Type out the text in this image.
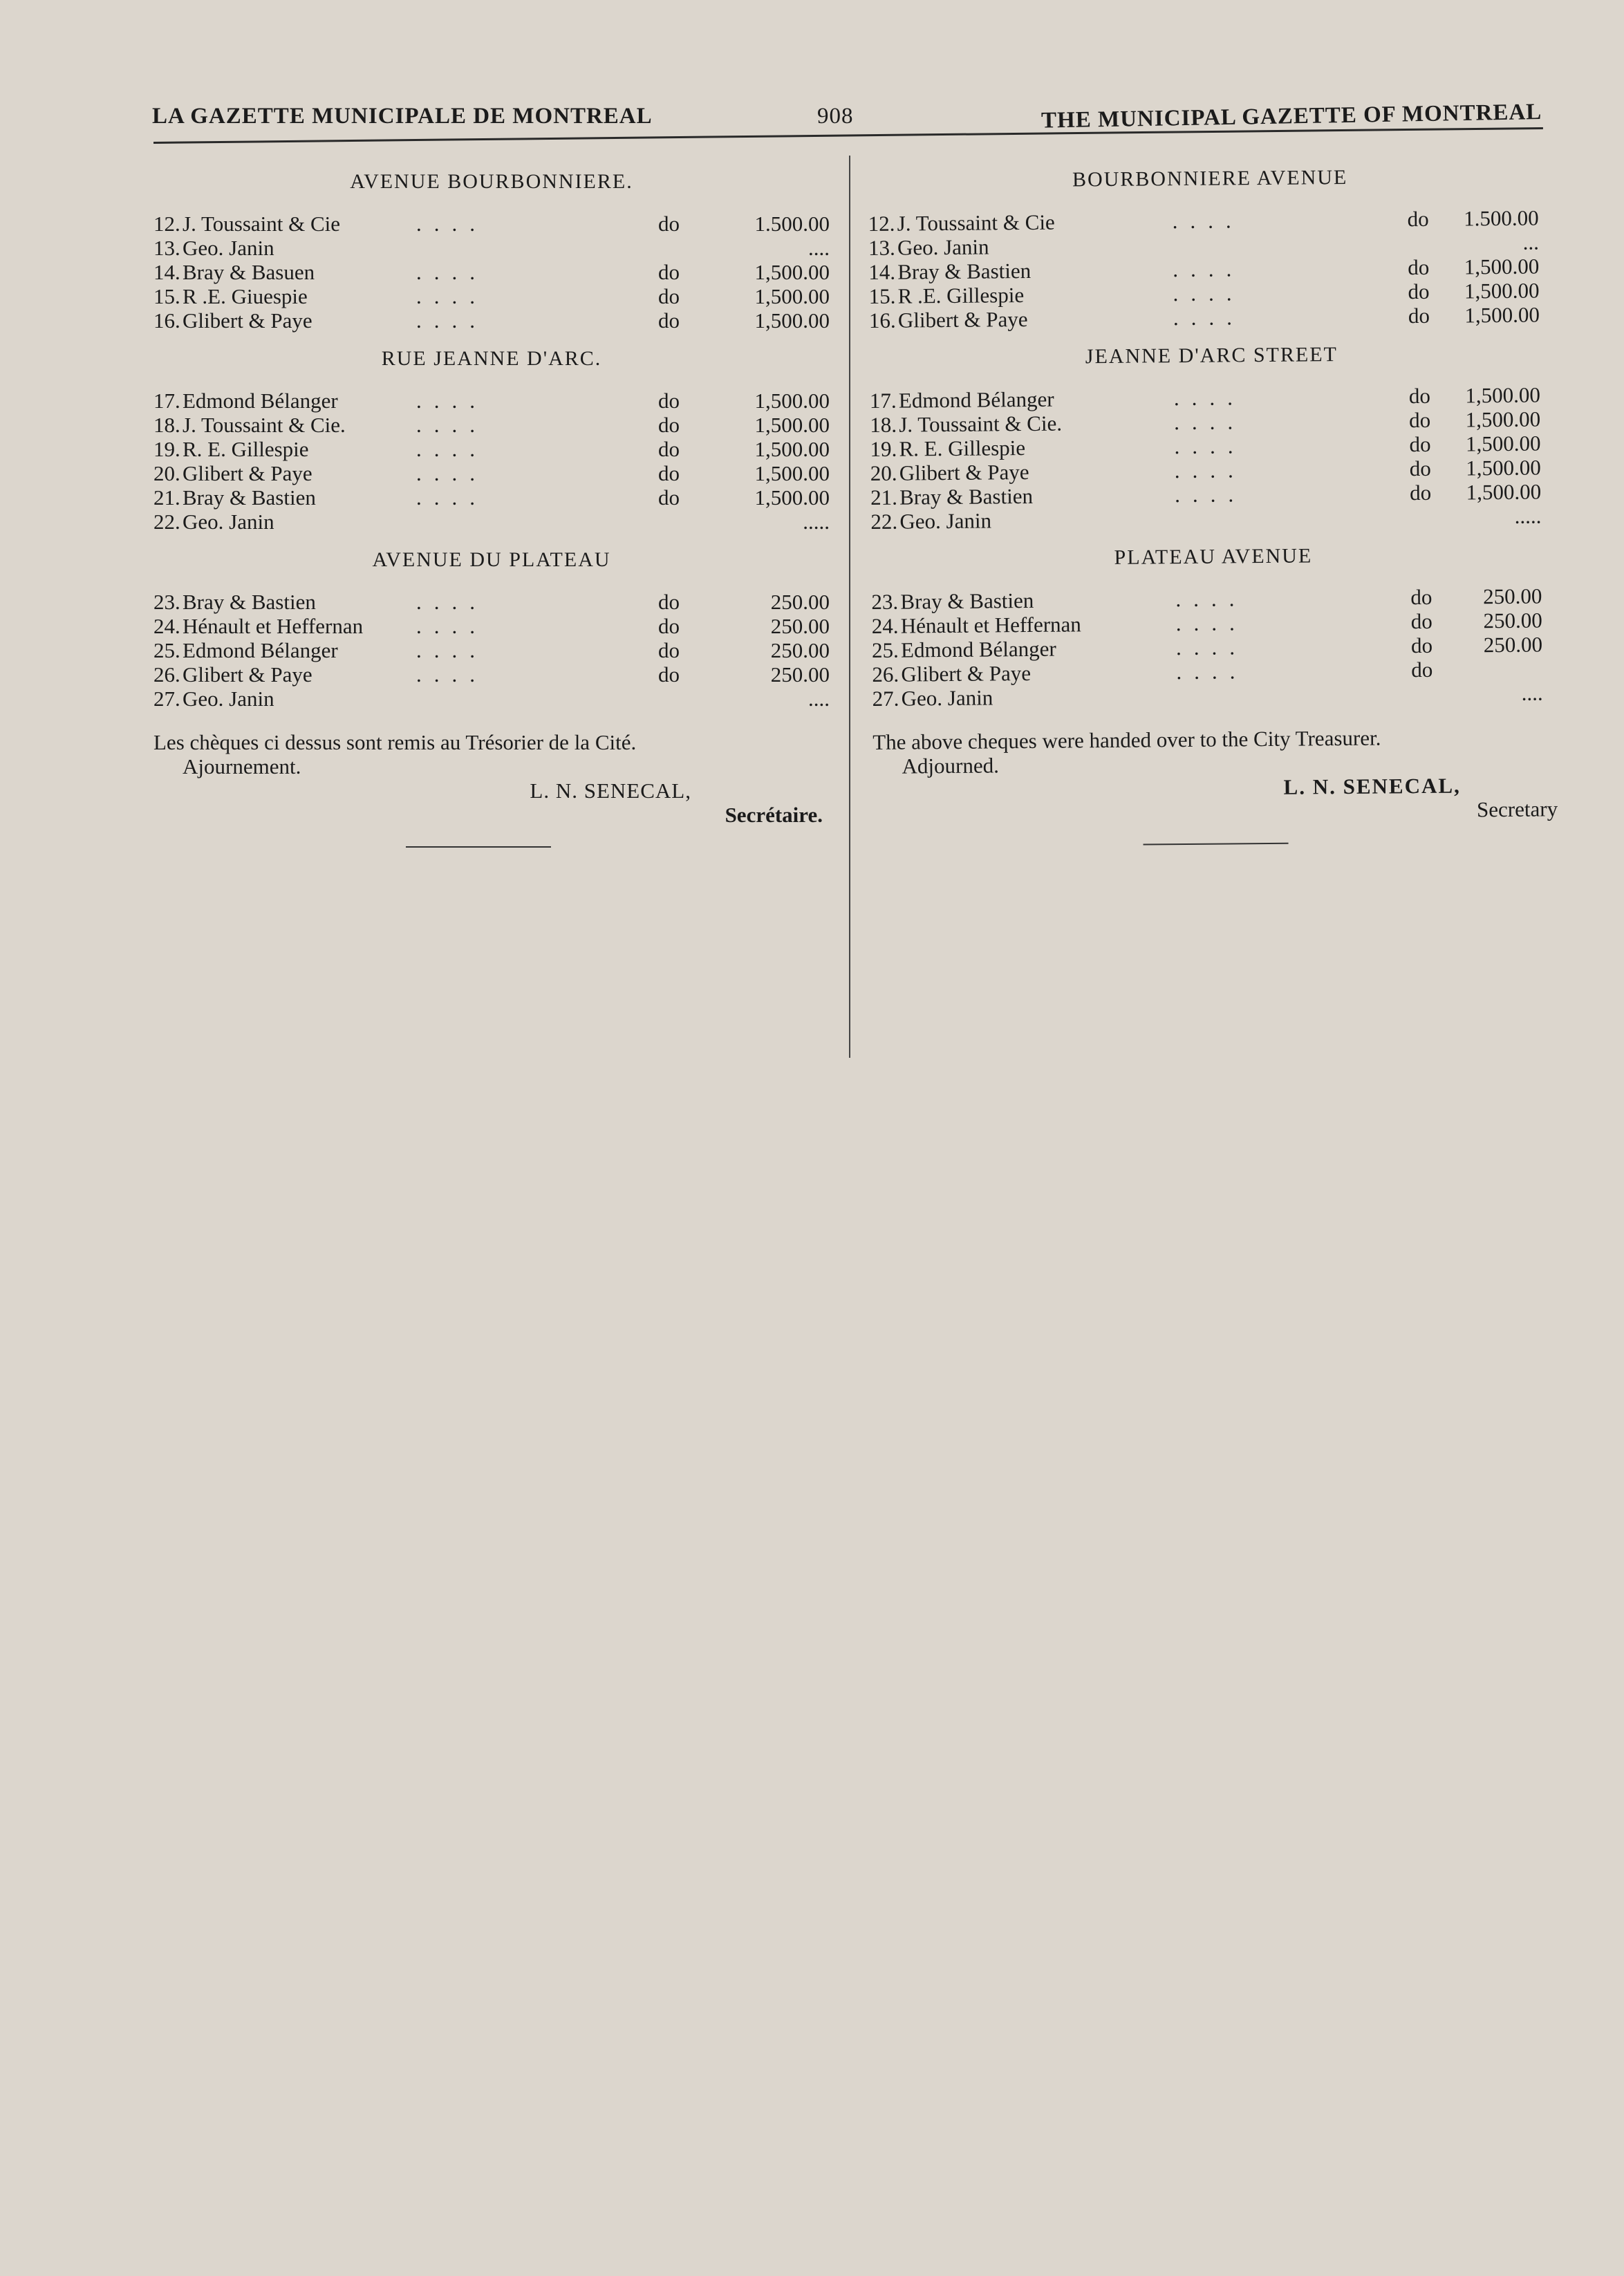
LA GAZETTE MUNICIPALE DE MONTREAL	908	THE MUNICIPAL GAZETTE OF MONTREAL
AVENUE BOURBONNIERE.
12. J. Toussaint & Cie	do	1.500.00
....
13. Geo. Janin	....
14. Bray & Basuen	do	1,500.00
....
15. R .E. Giuespie	do	1,500.00
....
16. Glibert & Paye	do	1,500.00
....
RUE JEANNE D'ARC.
17. Edmond Bélanger	do	1,500.00
....
18. J. Toussaint & Cie.	do	1,500.00
....
19. R. E. Gillespie	do	1,500.00
....
20. Glibert & Paye	do	1,500.00
....
21. Bray & Bastien	do	1,500.00
....
22. Geo. Janin	.....
AVENUE DU PLATEAU
23. Bray & Bastien	do	250.00
....
24. Hénault et Heffernan	do	250.00
....
25. Edmond Bélanger	do	250.00
....
26. Glibert & Paye	do	250.00
....
27. Geo. Janin	....
Les chèques ci dessus sont remis au Trésorier de la Cité.
Ajournement.
L. N. SENECAL,
Secrétaire.
BOURBONNIERE AVENUE
12. J. Toussaint & Cie	do	1.500.00
....
13. Geo. Janin	...
14. Bray & Bastien	do	1,500.00
....
15. R .E. Gillespie	do	1,500.00
....
16. Glibert & Paye	do	1,500.00
....
JEANNE D'ARC STREET
17. Edmond Bélanger	do	1,500.00
....
18. J. Toussaint & Cie.	do	1,500.00
....
19. R. E. Gillespie	do	1,500.00
....
20. Glibert & Paye	do	1,500.00
....
21. Bray & Bastien	do	1,500.00
....
22. Geo. Janin	.....
PLATEAU AVENUE
23. Bray & Bastien	do	250.00
....
24. Hénault et Heffernan	do	250.00
....
25. Edmond Bélanger	do	250.00
....
26. Glibert & Paye	do
....
27. Geo. Janin	....
The above cheques were handed over to the City Treasurer.
Adjourned.
L. N. SENECAL,
Secretary
